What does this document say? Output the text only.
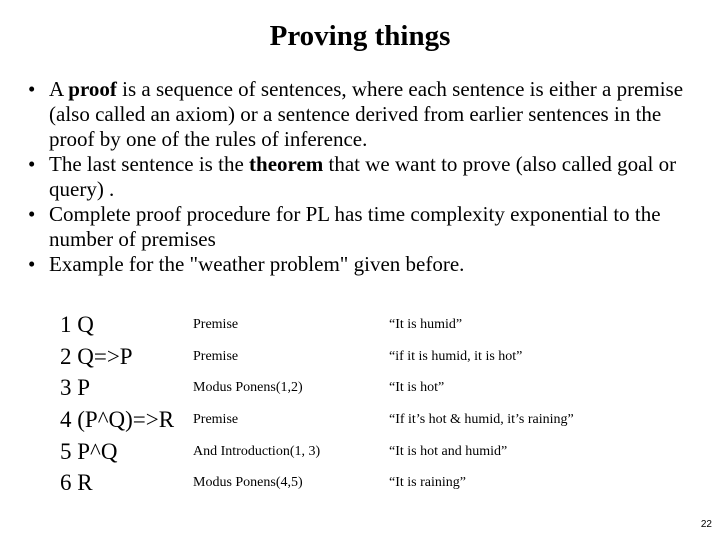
Proving things
• A proof is a sequence of sentences, where each sentence is either a premise (also called an axiom) or a sentence derived from earlier sentences in the proof by one of the rules of inference.
• The last sentence is the theorem that we want to prove (also called goal or query) .
• Complete proof procedure for PL has time complexity exponential to the number of premises
• Example for the "weather problem" given before.
1 Q	Premise	“It is humid”
2 Q=>P	Premise	“if it is humid, it is hot”
3 P	Modus Ponens(1,2)	“It is hot”
4 (P^Q)=>R Premise	“If it’s hot & humid, it’s raining”
5 P^Q	And Introduction(1, 3)	“It is hot and humid”
6 R	Modus Ponens(4,5)	“It is raining”
22
